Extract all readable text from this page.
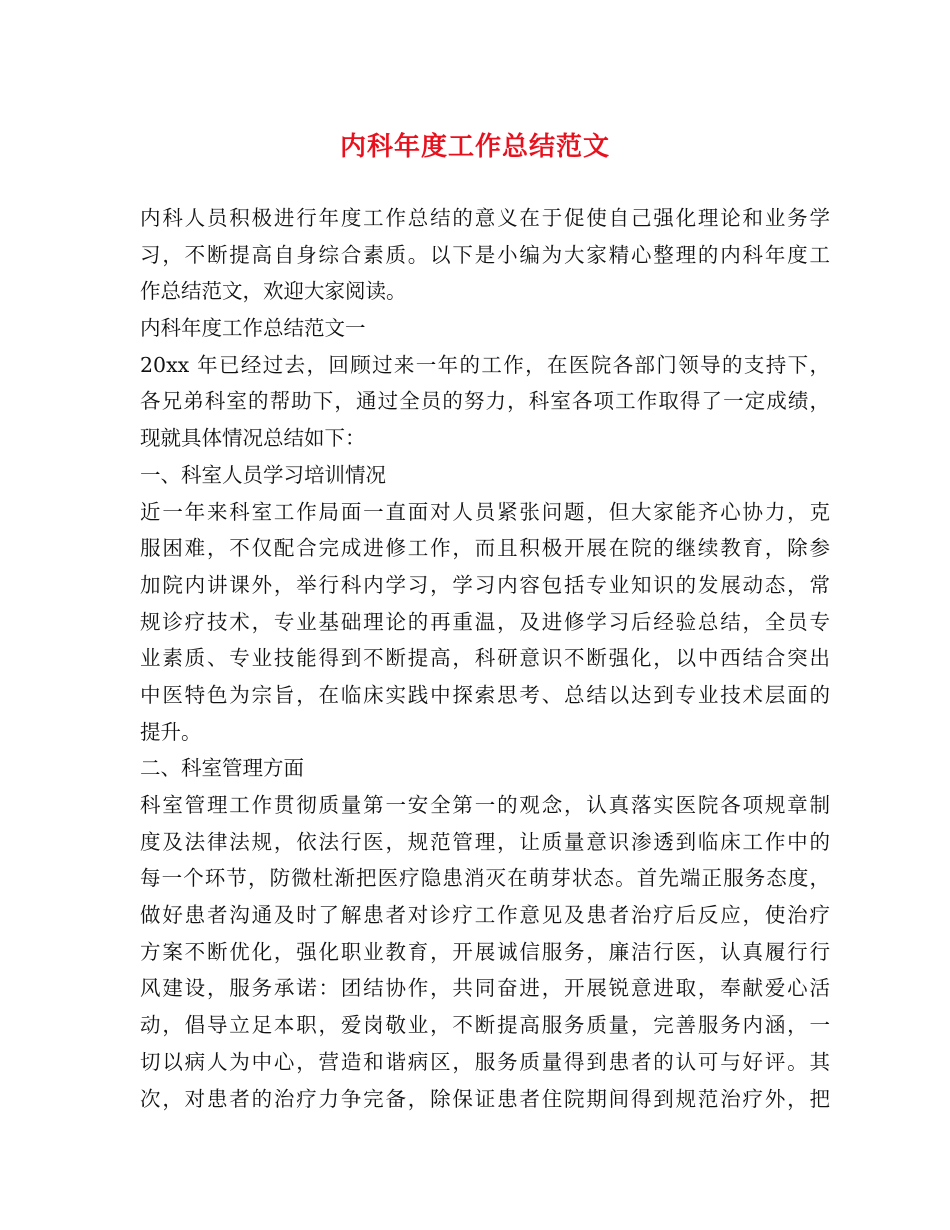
内科年度工作总结范文
内科人员积极进行年度工作总结的意义在于促使自己强化理论和业务学
习，不断提高自身综合素质。以下是小编为大家精心整理的内科年度工
作总结范文，欢迎大家阅读。
内科年度工作总结范文一
20xx 年已经过去，回顾过来一年的工作，在医院各部门领导的支持下，
各兄弟科室的帮助下，通过全员的努力，科室各项工作取得了一定成绩，
现就具体情况总结如下：
一、科室人员学习培训情况
近一年来科室工作局面一直面对人员紧张问题，但大家能齐心协力，克
服困难，不仅配合完成进修工作，而且积极开展在院的继续教育，除参
加院内讲课外，举行科内学习，学习内容包括专业知识的发展动态，常
规诊疗技术，专业基础理论的再重温，及进修学习后经验总结，全员专
业素质、专业技能得到不断提高，科研意识不断强化，以中西结合突出
中医特色为宗旨，在临床实践中探索思考、总结以达到专业技术层面的
提升。
二、科室管理方面
科室管理工作贯彻质量第一安全第一的观念，认真落实医院各项规章制
度及法律法规，依法行医，规范管理，让质量意识渗透到临床工作中的
每一个环节，防微杜渐把医疗隐患消灭在萌芽状态。首先端正服务态度，
做好患者沟通及时了解患者对诊疗工作意见及患者治疗后反应，使治疗
方案不断优化，强化职业教育，开展诚信服务，廉洁行医，认真履行行
风建设，服务承诺：团结协作，共同奋进，开展锐意进取，奉献爱心活
动，倡导立足本职，爱岗敬业，不断提高服务质量，完善服务内涵，一
切以病人为中心，营造和谐病区，服务质量得到患者的认可与好评。其
次，对患者的治疗力争完备，除保证患者住院期间得到规范治疗外，把
